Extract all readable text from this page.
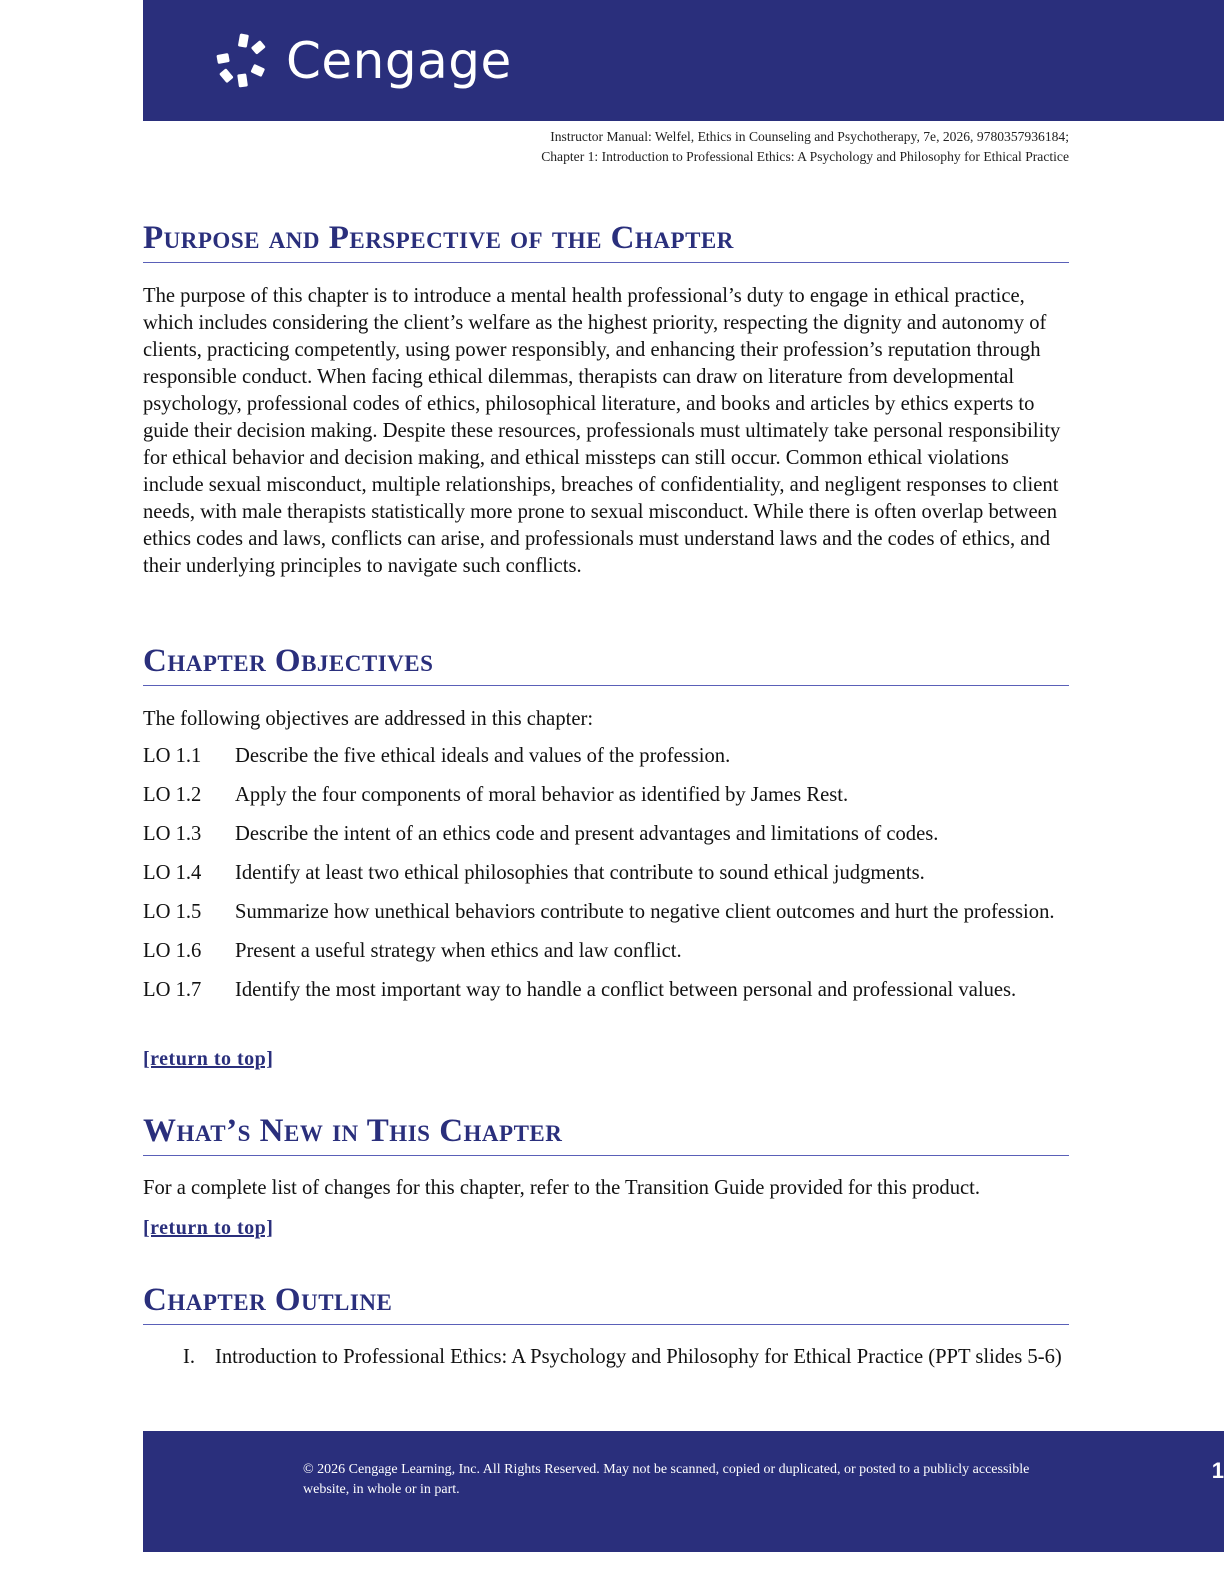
Cengage
Instructor Manual: Welfel, Ethics in Counseling and Psychotherapy, 7e, 2026, 9780357936184;
Chapter 1: Introduction to Professional Ethics: A Psychology and Philosophy for Ethical Practice
Purpose and Perspective of the Chapter

The purpose of this chapter is to introduce a mental health professional’s duty to engage in ethical practice, which includes considering the client’s welfare as the highest priority, respecting the dignity and autonomy of clients, practicing competently, using power responsibly, and enhancing their profession’s reputation through responsible conduct. When facing ethical dilemmas, therapists can draw on literature from developmental psychology, professional codes of ethics, philosophical literature, and books and articles by ethics experts to guide their decision making. Despite these resources, professionals must ultimately take personal responsibility for ethical behavior and decision making, and ethical missteps can still occur. Common ethical violations include sexual misconduct, multiple relationships, breaches of confidentiality, and negligent responses to client needs, with male therapists statistically more prone to sexual misconduct. While there is often overlap between ethics codes and laws, conflicts can arise, and professionals must understand laws and the codes of ethics, and their underlying principles to navigate such conflicts.

Chapter Objectives

The following objectives are addressed in this chapter:

LO 1.1 Describe the five ethical ideals and values of the profession.
LO 1.2 Apply the four components of moral behavior as identified by James Rest.
LO 1.3 Describe the intent of an ethics code and present advantages and limitations of codes.
LO 1.4 Identify at least two ethical philosophies that contribute to sound ethical judgments.
LO 1.5 Summarize how unethical behaviors contribute to negative client outcomes and hurt the profession.
LO 1.6 Present a useful strategy when ethics and law conflict.
LO 1.7 Identify the most important way to handle a conflict between personal and professional values.
[return to top]
What’s New in This Chapter

For a complete list of changes for this chapter, refer to the Transition Guide provided for this product.

[return to top]
Chapter Outline
I. Introduction to Professional Ethics: A Psychology and Philosophy for Ethical Practice (PPT slides 5-6)
© 2026 Cengage Learning, Inc. All Rights Reserved. May not be scanned, copied or duplicated, or posted to a publicly accessible website, in whole or in part.
1
